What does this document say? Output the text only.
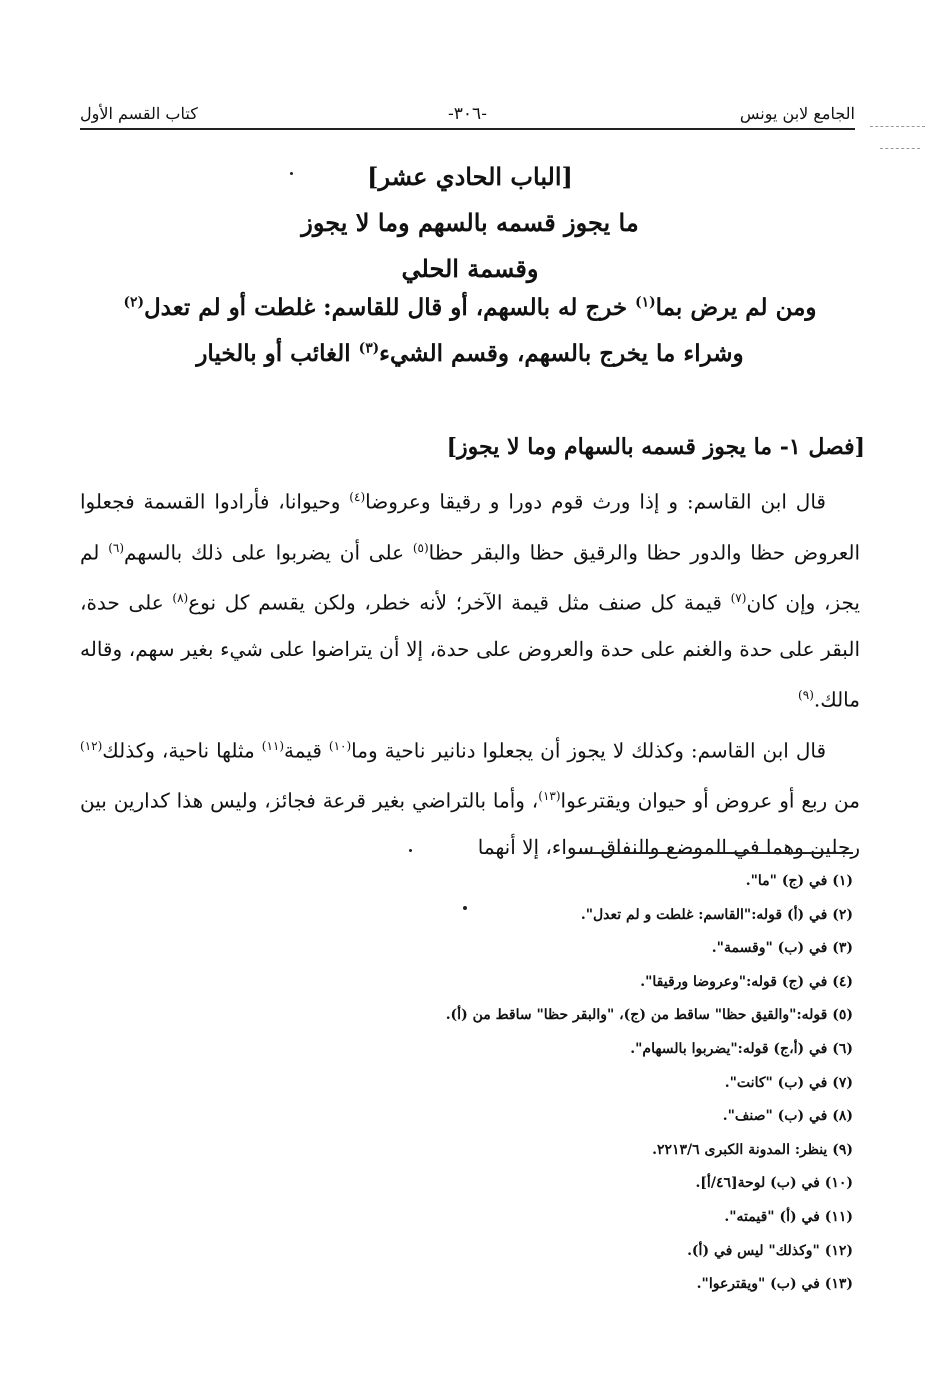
الجامع لابن يونس
-٣٠٦-
كتاب القسم الأول
[الباب الحادي عشر]
ما يجوز قسمه بالسهم وما لا يجوز
وقسمة الحلي
ومن لم يرض بما$^{(١)}$ خرج له بالسهم، أو قال للقاسم: غلطت أو لم تعدل$^{(٢)}$
وشراء ما يخرج بالسهم، وقسم الشيء$^{(٣)}$ الغائب أو بالخيار
[فصل ١- ما يجوز قسمه بالسهام وما لا يجوز]

قال ابن القاسم: و إذا ورث قوم دورا و رقيقا وعروضا$^{(٤)}$ وحيوانا، فأرادوا القسمة فجعلوا العروض حظا والدور حظا والرقيق حظا والبقر حظا$^{(٥)}$ على أن يضربوا على ذلك بالسهم$^{(٦)}$ لم يجز، وإن كان$^{(٧)}$ قيمة كل صنف مثل قيمة الآخر؛ لأنه خطر، ولكن يقسم كل نوع$^{(٨)}$ على حدة، البقر على حدة والغنم على حدة والعروض على حدة، إلا أن يتراضوا على شيء بغير سهم، وقاله مالك.$^{(٩)}$

قال ابن القاسم: وكذلك لا يجوز أن يجعلوا دنانير ناحية وما$^{(١٠)}$ قيمة$^{(١١)}$ مثلها ناحية، وكذلك$^{(١٢)}$ من ربع أو عروض أو حيوان ويقترعوا$^{(١٣)}$، وأما بالتراضي بغير قرعة فجائز، وليس هذا كدارين بين رجلين وهما في الموضع والنفاق سواء، إلا أنهما

(١) في (ج) "ما".
(٢) في (أ) قوله:"القاسم: غلطت و لم تعدل".
(٣) في (ب) "وقسمة".
(٤) في (ج) قوله:"وعروضا ورقيقا".
(٥) قوله:"والقيق حظا" ساقط من (ج)، "والبقر حظا" ساقط من (أ).
(٦) في (أ،ج) قوله:"يضربوا بالسهام".
(٧) في (ب) "كانت".
(٨) في (ب) "صنف".
(٩) ينظر: المدونة الكبرى ٢٢١٣/٦.
(١٠) في (ب) لوحة[٤٦/أ].
(١١) في (أ) "قيمته".
(١٢) "وكذلك" ليس في (أ).
(١٣) في (ب) "ويقترعوا".
